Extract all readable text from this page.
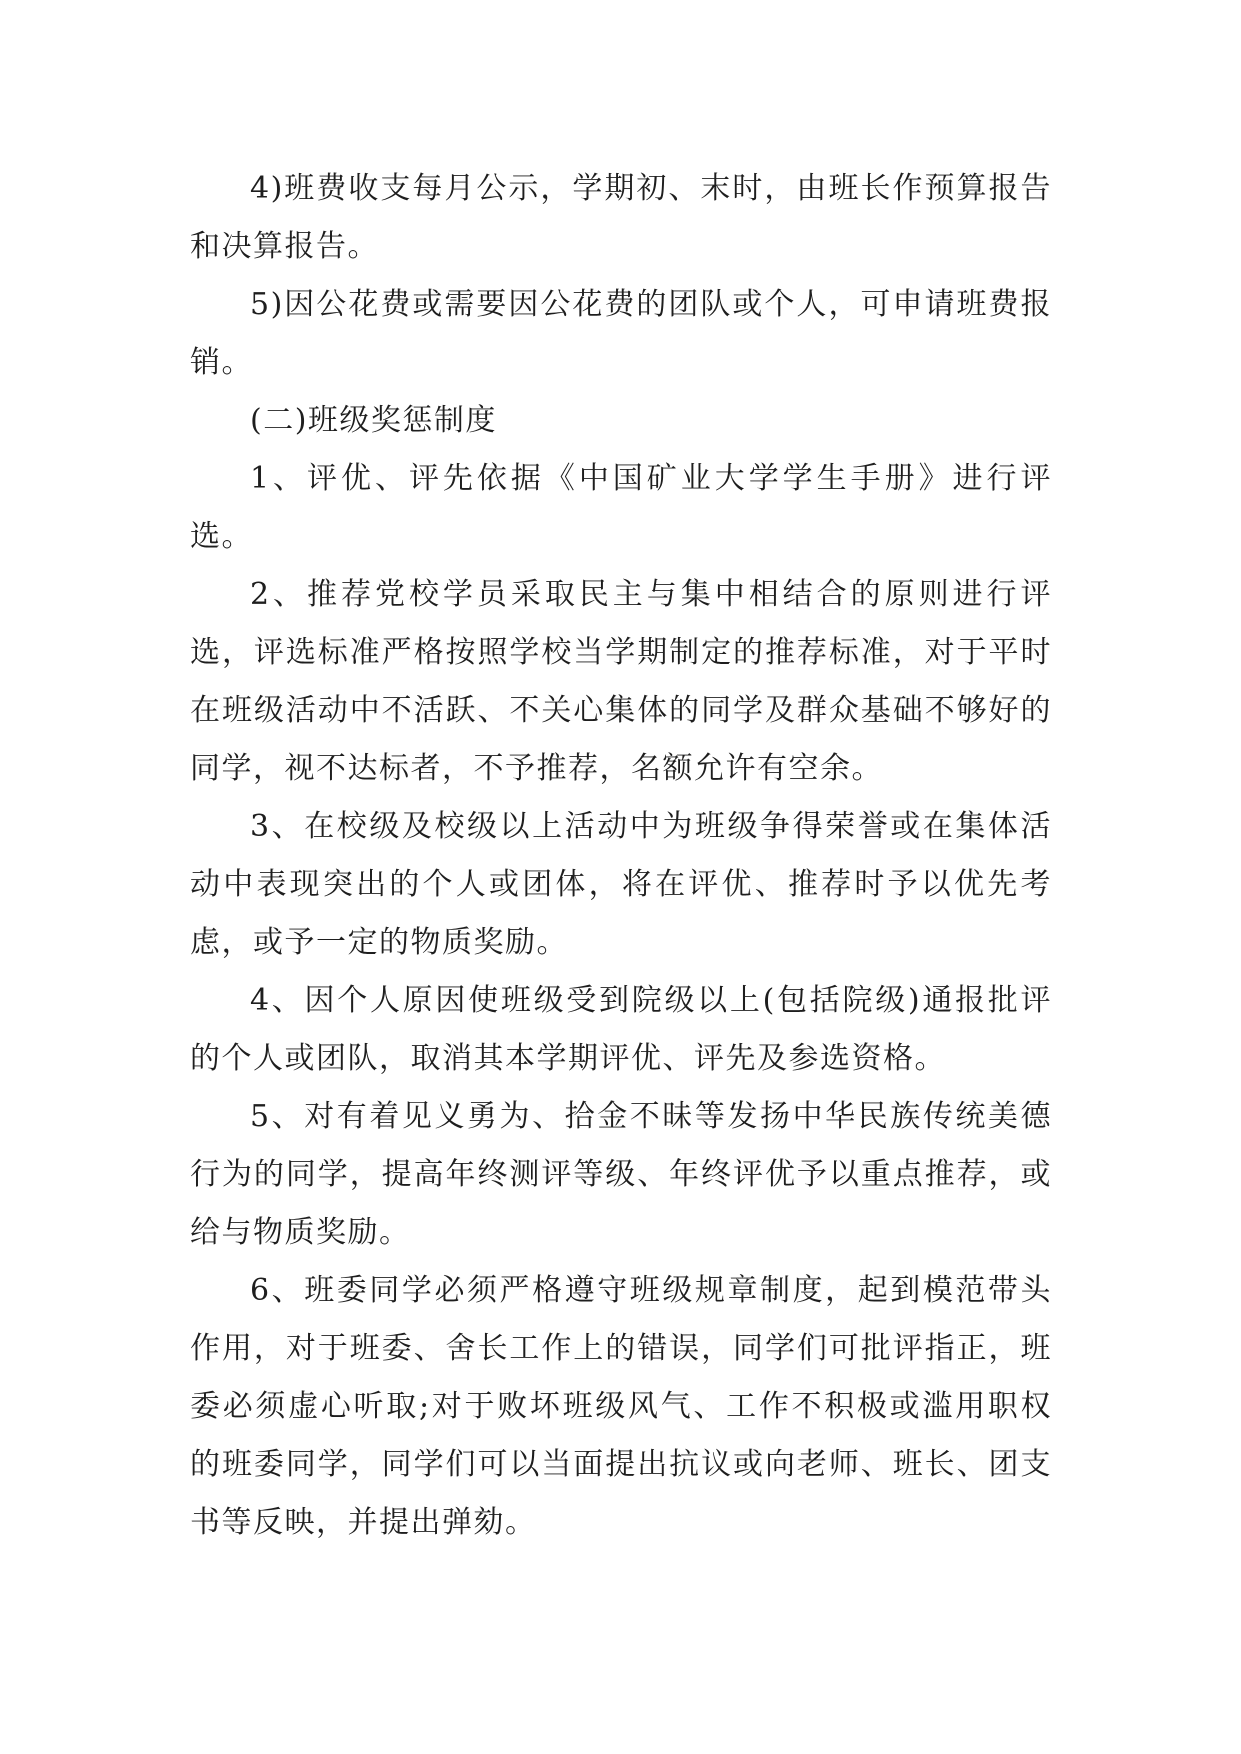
4)班费收支每月公示，学期初、末时，由班长作预算报告和决算报告。

5)因公花费或需要因公花费的团队或个人，可申请班费报销。

(二)班级奖惩制度

1、评优、评先依据《中国矿业大学学生手册》进行评选。

2、推荐党校学员采取民主与集中相结合的原则进行评选，评选标准严格按照学校当学期制定的推荐标准，对于平时在班级活动中不活跃、不关心集体的同学及群众基础不够好的同学，视不达标者，不予推荐，名额允许有空余。

3、在校级及校级以上活动中为班级争得荣誉或在集体活动中表现突出的个人或团体，将在评优、推荐时予以优先考虑，或予一定的物质奖励。

4、因个人原因使班级受到院级以上(包括院级)通报批评的个人或团队，取消其本学期评优、评先及参选资格。

5、对有着见义勇为、拾金不昧等发扬中华民族传统美德行为的同学，提高年终测评等级、年终评优予以重点推荐，或给与物质奖励。

6、班委同学必须严格遵守班级规章制度，起到模范带头作用，对于班委、舍长工作上的错误，同学们可批评指正，班委必须虚心听取;对于败坏班级风气、工作不积极或滥用职权的班委同学，同学们可以当面提出抗议或向老师、班长、团支书等反映，并提出弹劾。
